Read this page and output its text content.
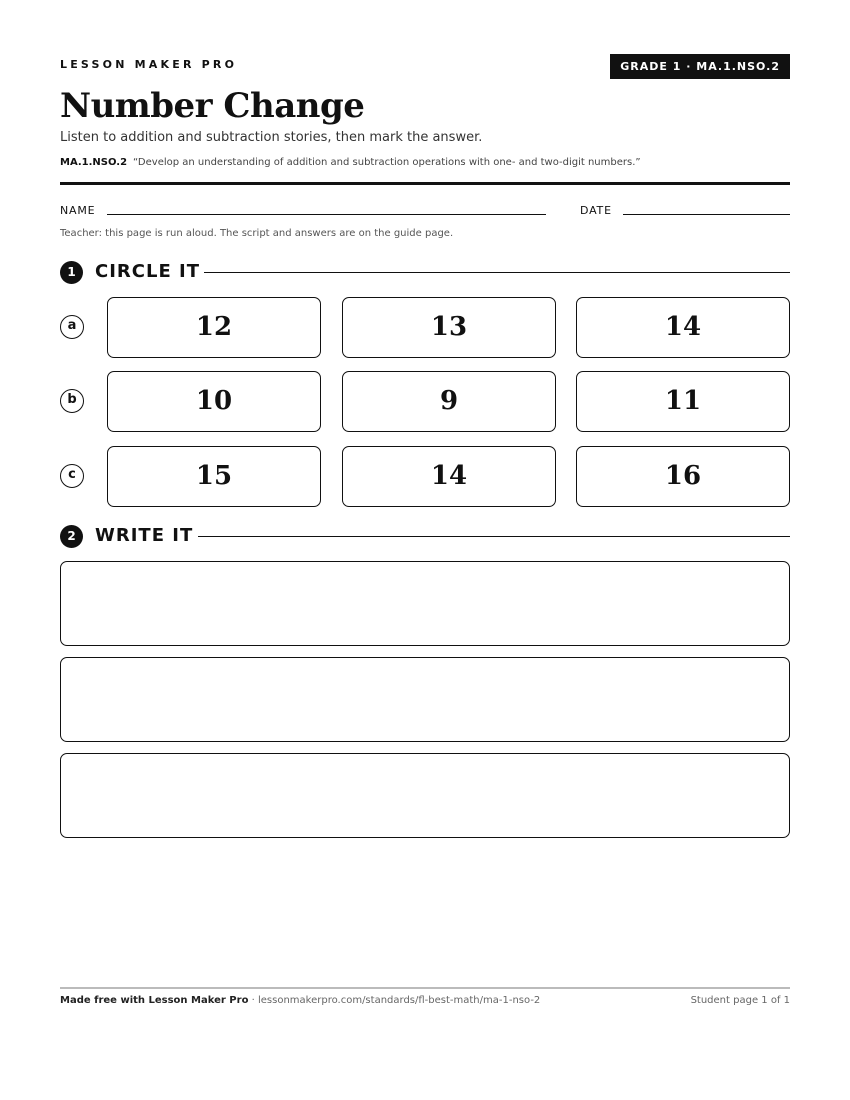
LESSON MAKER PRO	GRADE 1 · MA.1.NSO.2
Number Change
Listen to addition and subtraction stories, then mark the answer.
MA.1.NSO.2 “Develop an understanding of addition and subtraction operations with one- and two-digit numbers.”
NAME	DATE
Teacher: this page is run aloud. The script and answers are on the guide page.
1	CIRCLE IT
a	12	13	14
b	10	9	11
c	15	14	16
2	WRITE IT
Made free with Lesson Maker Pro · lessonmakerpro.com/standards/fl-best-math/ma-1-nso-2	Student page 1 of 1
